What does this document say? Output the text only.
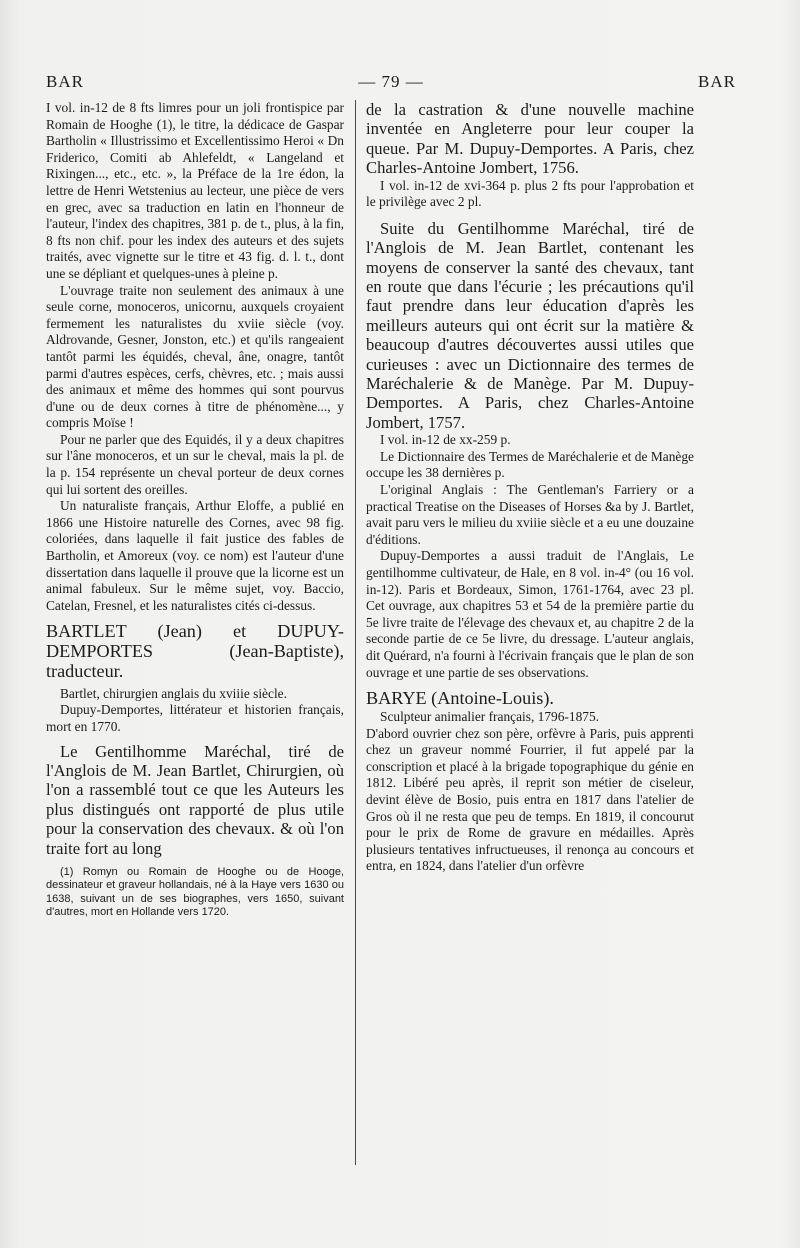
BAR	— 79 —	BAR

I vol. in-12 de 8 fts limres pour un joli frontispice par Romain de Hooghe (1), le titre, la dédicace de Gaspar Bartholin « Illustrissimo et Excellentissimo Heroi « Dn Friderico, Comiti ab Ahlefeldt, « Langeland et Rixingen..., etc., etc. », la Préface de la 1re édon, la lettre de Henri Wetstenius au lecteur, une pièce de vers en grec, avec sa traduction en latin en l'honneur de l'auteur, l'index des chapitres, 381 p. de t., plus, à la fin, 8 fts non chif. pour les index des auteurs et des sujets traités, avec vignette sur le titre et 43 fig. d. l. t., dont une se dépliant et quelques-unes à pleine p.

L'ouvrage traite non seulement des animaux à une seule corne, monoceros, unicornu, auxquels croyaient fermement les naturalistes du xviie siècle (voy. Aldrovande, Gesner, Jonston, etc.) et qu'ils rangeaient tantôt parmi les équidés, cheval, âne, onagre, tantôt parmi d'autres espèces, cerfs, chèvres, etc. ; mais aussi des animaux et même des hommes qui sont pourvus d'une ou de deux cornes à titre de phénomène..., y compris Moïse !

Pour ne parler que des Equidés, il y a deux chapitres sur l'âne monoceros, et un sur le cheval, mais la pl. de la p. 154 représente un cheval porteur de deux cornes qui lui sortent des oreilles.

Un naturaliste français, Arthur Eloffe, a publié en 1866 une Histoire naturelle des Cornes, avec 98 fig. coloriées, dans laquelle il fait justice des fables de Bartholin, et Amoreux (voy. ce nom) est l'auteur d'une dissertation dans laquelle il prouve que la licorne est un animal fabuleux. Sur le même sujet, voy. Baccio, Catelan, Fresnel, et les naturalistes cités ci-dessus.

BARTLET (Jean) et DUPUY-DEMPORTES (Jean-Baptiste), traducteur.

Bartlet, chirurgien anglais du xviiie siècle.

Dupuy-Demportes, littérateur et historien français, mort en 1770.

Le Gentilhomme Maréchal, tiré de l'Anglois de M. Jean Bartlet, Chirurgien, où l'on a rassemblé tout ce que les Auteurs les plus distingués ont rapporté de plus utile pour la conservation des chevaux. & où l'on traite fort au long

(1) Romyn ou Romain de Hooghe ou de Hooge, dessinateur et graveur hollandais, né à la Haye vers 1630 ou 1638, suivant un de ses biographes, vers 1650, suivant d'autres, mort en Hollande vers 1720.

de la castration & d'une nouvelle machine inventée en Angleterre pour leur couper la queue. Par M. Dupuy-Demportes. A Paris, chez Charles-Antoine Jombert, 1756.

I vol. in-12 de xvi-364 p. plus 2 fts pour l'approbation et le privilège avec 2 pl.

Suite du Gentilhomme Maréchal, tiré de l'Anglois de M. Jean Bartlet, contenant les moyens de conserver la santé des chevaux, tant en route que dans l'écurie ; les précautions qu'il faut prendre dans leur éducation d'après les meilleurs auteurs qui ont écrit sur la matière & beaucoup d'autres découvertes aussi utiles que curieuses : avec un Dictionnaire des termes de Maréchalerie & de Manège. Par M. Dupuy-Demportes. A Paris, chez Charles-Antoine Jombert, 1757.

I vol. in-12 de xx-259 p.

Le Dictionnaire des Termes de Maréchalerie et de Manège occupe les 38 dernières p.

L'original Anglais : The Gentleman's Farriery or a practical Treatise on the Diseases of Horses &a by J. Bartlet, avait paru vers le milieu du xviiie siècle et a eu une douzaine d'éditions.

Dupuy-Demportes a aussi traduit de l'Anglais, Le gentilhomme cultivateur, de Hale, en 8 vol. in-4° (ou 16 vol. in-12). Paris et Bordeaux, Simon, 1761-1764, avec 23 pl. Cet ouvrage, aux chapitres 53 et 54 de la première partie du 5e livre traite de l'élevage des chevaux et, au chapitre 2 de la seconde partie de ce 5e livre, du dressage. L'auteur anglais, dit Quérard, n'a fourni à l'écrivain français que le plan de son ouvrage et une partie de ses observations.

BARYE (Antoine-Louis).

Sculpteur animalier français, 1796-1875.

D'abord ouvrier chez son père, orfèvre à Paris, puis apprenti chez un graveur nommé Fourrier, il fut appelé par la conscription et placé à la brigade topographique du génie en 1812. Libéré peu après, il reprit son métier de ciseleur, devint élève de Bosio, puis entra en 1817 dans l'atelier de Gros où il ne resta que peu de temps. En 1819, il concourut pour le prix de Rome de gravure en médailles. Après plusieurs tentatives infructueuses, il renonça au concours et entra, en 1824, dans l'atelier d'un orfèvre
